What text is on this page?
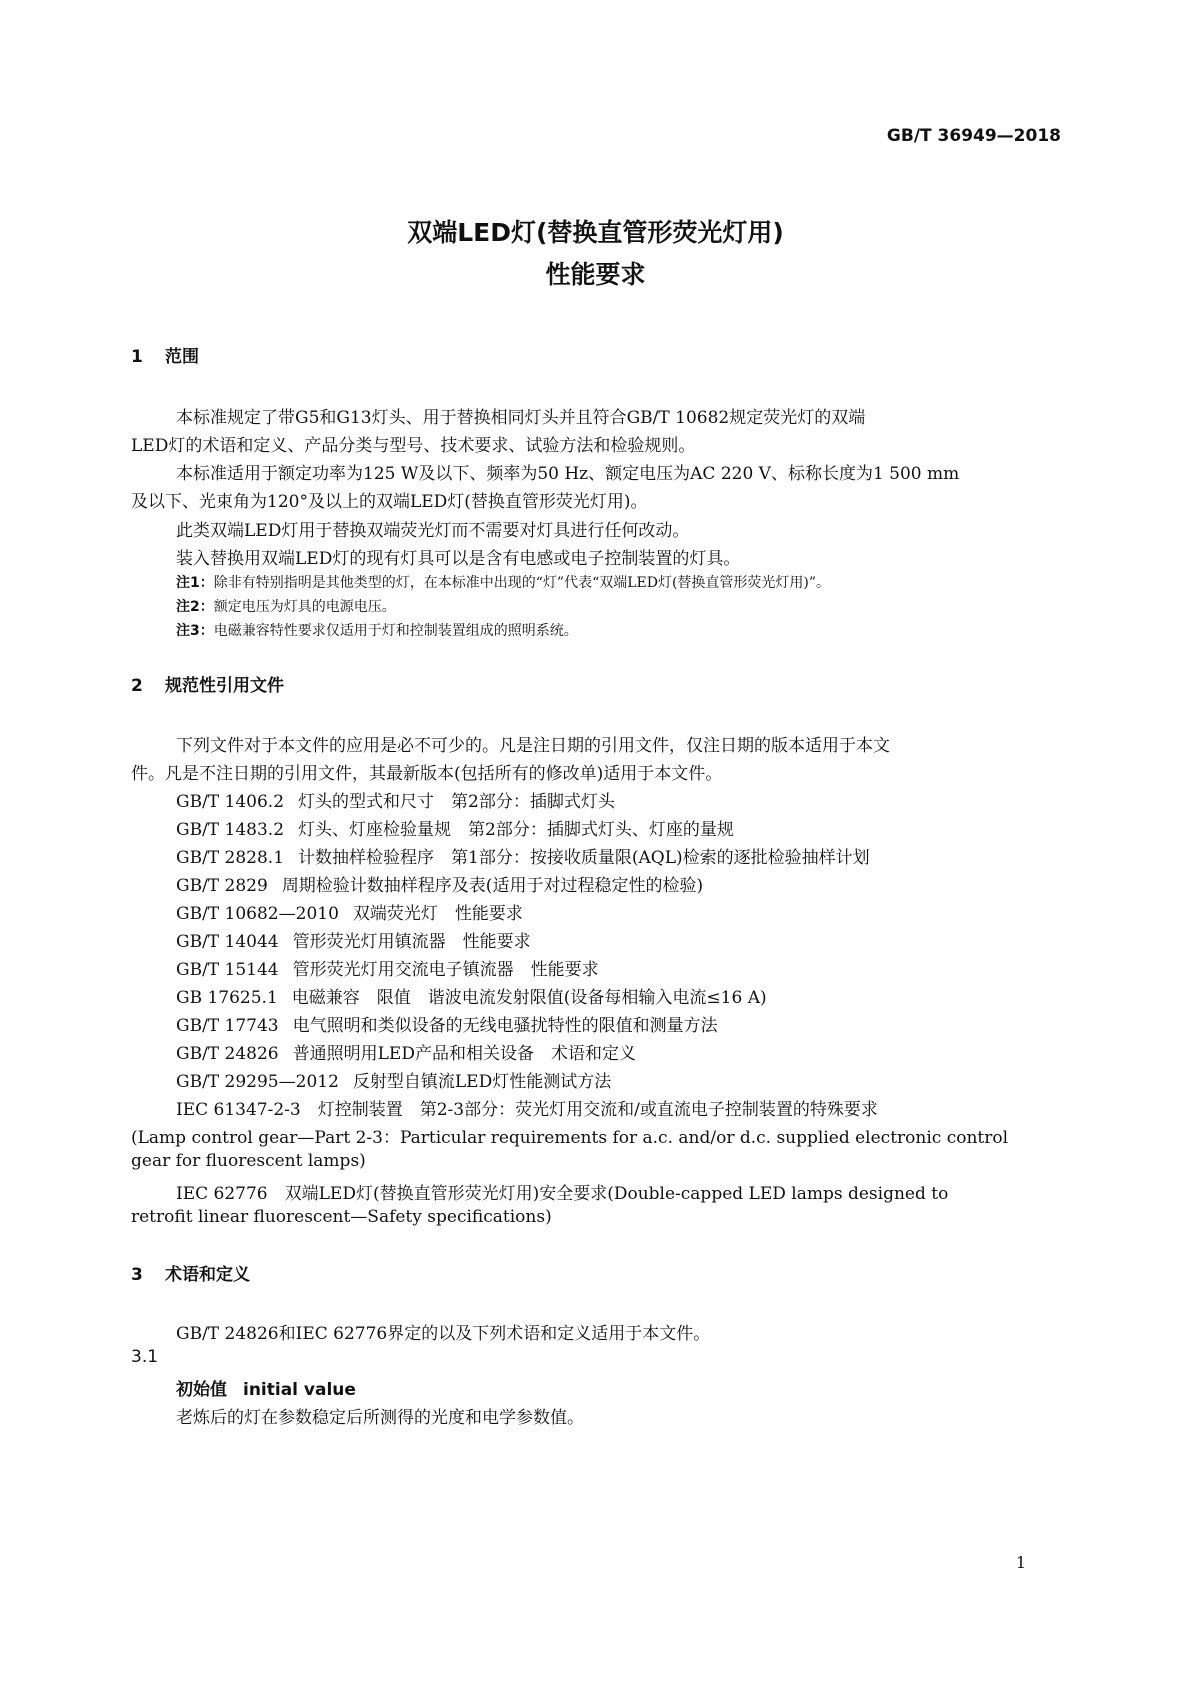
GB/T 36949—2018
双端LED灯(替换直管形荧光灯用)
性能要求
1 范围
本标准规定了带G5和G13灯头、用于替换相同灯头并且符合GB/T 10682规定荧光灯的双端
LED灯的术语和定义、产品分类与型号、技术要求、试验方法和检验规则。
本标准适用于额定功率为125 W及以下、频率为50 Hz、额定电压为AC 220 V、标称长度为1 500 mm
及以下、光束角为120°及以上的双端LED灯(替换直管形荧光灯用)。
此类双端LED灯用于替换双端荧光灯而不需要对灯具进行任何改动。
装入替换用双端LED灯的现有灯具可以是含有电感或电子控制装置的灯具。
注1：除非有特别指明是其他类型的灯，在本标准中出现的“灯”代表“双端LED灯(替换直管形荧光灯用)”。
注2：额定电压为灯具的电源电压。
注3：电磁兼容特性要求仅适用于灯和控制装置组成的照明系统。
2 规范性引用文件
下列文件对于本文件的应用是必不可少的。凡是注日期的引用文件，仅注日期的版本适用于本文
件。凡是不注日期的引用文件，其最新版本(包括所有的修改单)适用于本文件。
GB/T 1406.2 灯头的型式和尺寸　第2部分：插脚式灯头
GB/T 1483.2 灯头、灯座检验量规　第2部分：插脚式灯头、灯座的量规
GB/T 2828.1 计数抽样检验程序　第1部分：按接收质量限(AQL)检索的逐批检验抽样计划
GB/T 2829 周期检验计数抽样程序及表(适用于对过程稳定性的检验)
GB/T 10682—2010 双端荧光灯　性能要求
GB/T 14044 管形荧光灯用镇流器　性能要求
GB/T 15144 管形荧光灯用交流电子镇流器　性能要求
GB 17625.1 电磁兼容　限值　谐波电流发射限值(设备每相输入电流≤16 A)
GB/T 17743 电气照明和类似设备的无线电骚扰特性的限值和测量方法
GB/T 24826 普通照明用LED产品和相关设备　术语和定义
GB/T 29295—2012 反射型自镇流LED灯性能测试方法
IEC 61347-2-3　灯控制装置　第2-3部分：荧光灯用交流和/或直流电子控制装置的特殊要求
(Lamp control gear—Part 2-3：Particular requirements for a.c. and/or d.c. supplied electronic control
gear for fluorescent lamps)
IEC 62776　双端LED灯(替换直管形荧光灯用)安全要求(Double-capped LED lamps designed to
retrofit linear fluorescent—Safety specifications)
3 术语和定义
GB/T 24826和IEC 62776界定的以及下列术语和定义适用于本文件。
3.1
初始值 initial value
老炼后的灯在参数稳定后所测得的光度和电学参数值。
1
